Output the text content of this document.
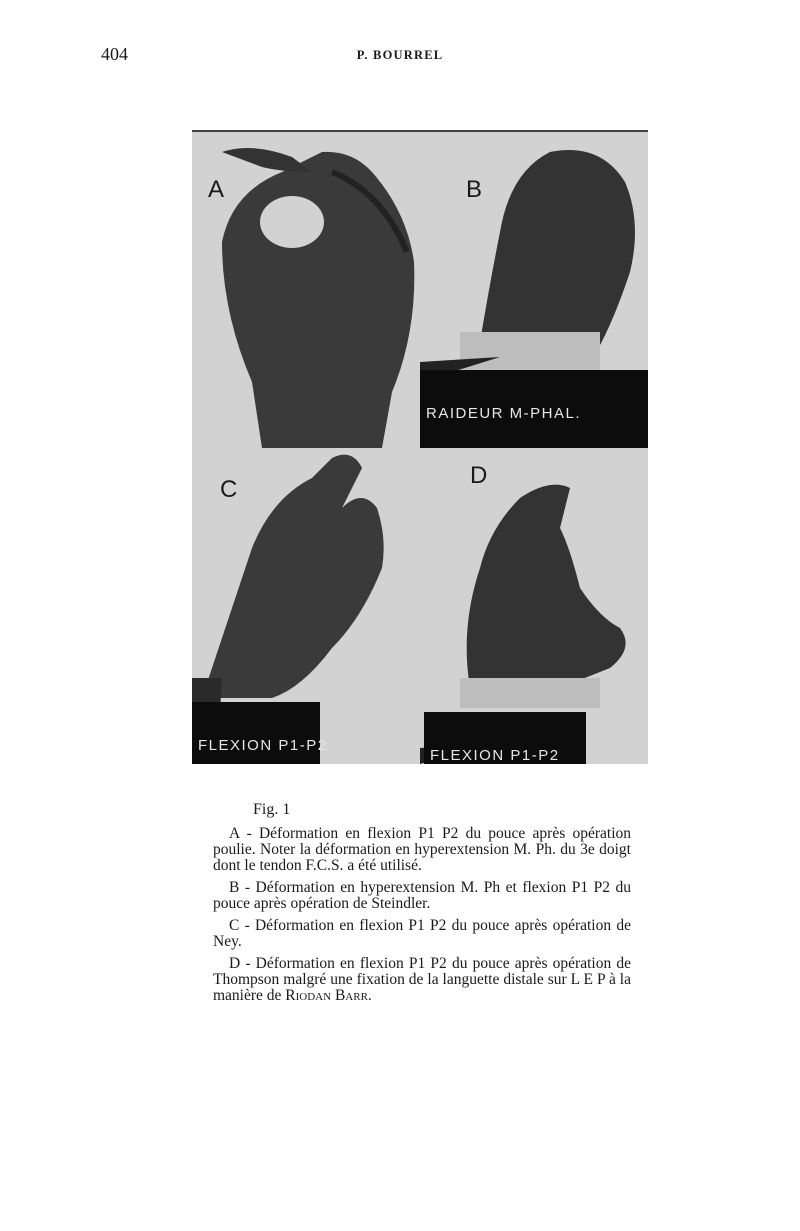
404	P. BOURREL
A	B

RAIDEUR M-PHAL.

C

FLEXION P1-P2

D

FLEXION P1-P2

Fig. 1

A - Déformation en flexion P1 P2 du pouce après opération poulie. Noter la déformation en hyperextension M. Ph. du 3e doigt dont le tendon F.C.S. a été utilisé.

B - Déformation en hyperextension M. Ph et flexion P1 P2 du pouce après opération de Steindler.

C - Déformation en flexion P1 P2 du pouce après opération de Ney.

D - Déformation en flexion P1 P2 du pouce après opération de Thompson malgré une fixation de la languette distale sur L E P à la manière de Riodan Barr.
